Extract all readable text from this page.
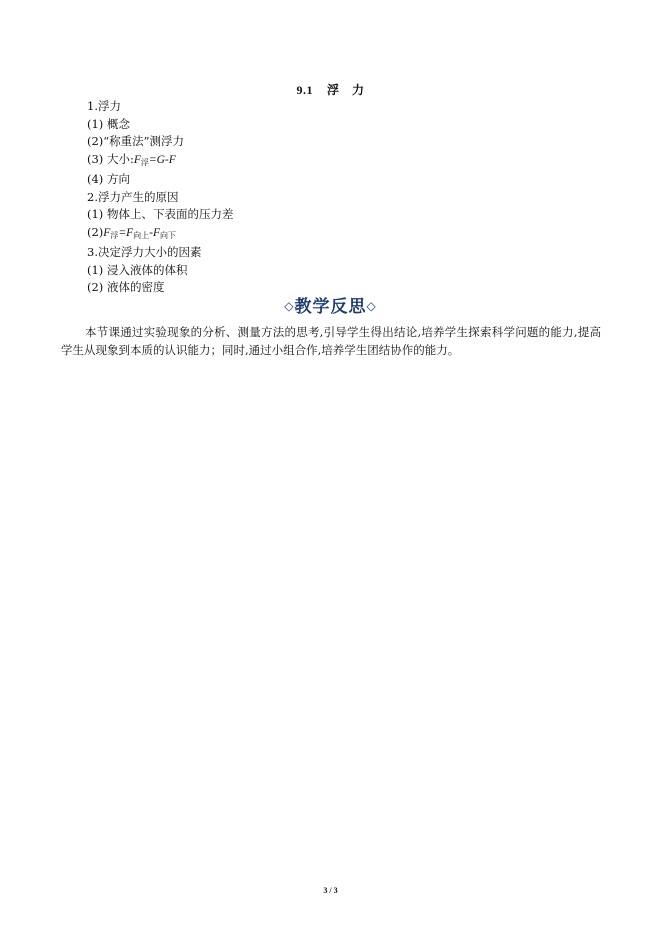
9.1 浮　力
1.浮力
(1) 概念
(2)“称重法”测浮力
(3) 大小$:F_浮=G-F$
(4) 方向
2.浮力产生的原因
(1) 物体上、下表面的压力差
$(2)F_浮=F_{向上}-F_{向下}$
3.决定浮力大小的因素
(1) 浸入液体的体积
(2) 液体的密度
◇教学反思◇
本节课通过实验现象的分析、测量方法的思考,引导学生得出结论,培养学生探索科学问题的能力,提高学生从现象到本质的认识能力；同时,通过小组合作,培养学生团结协作的能力。
3 / 3
